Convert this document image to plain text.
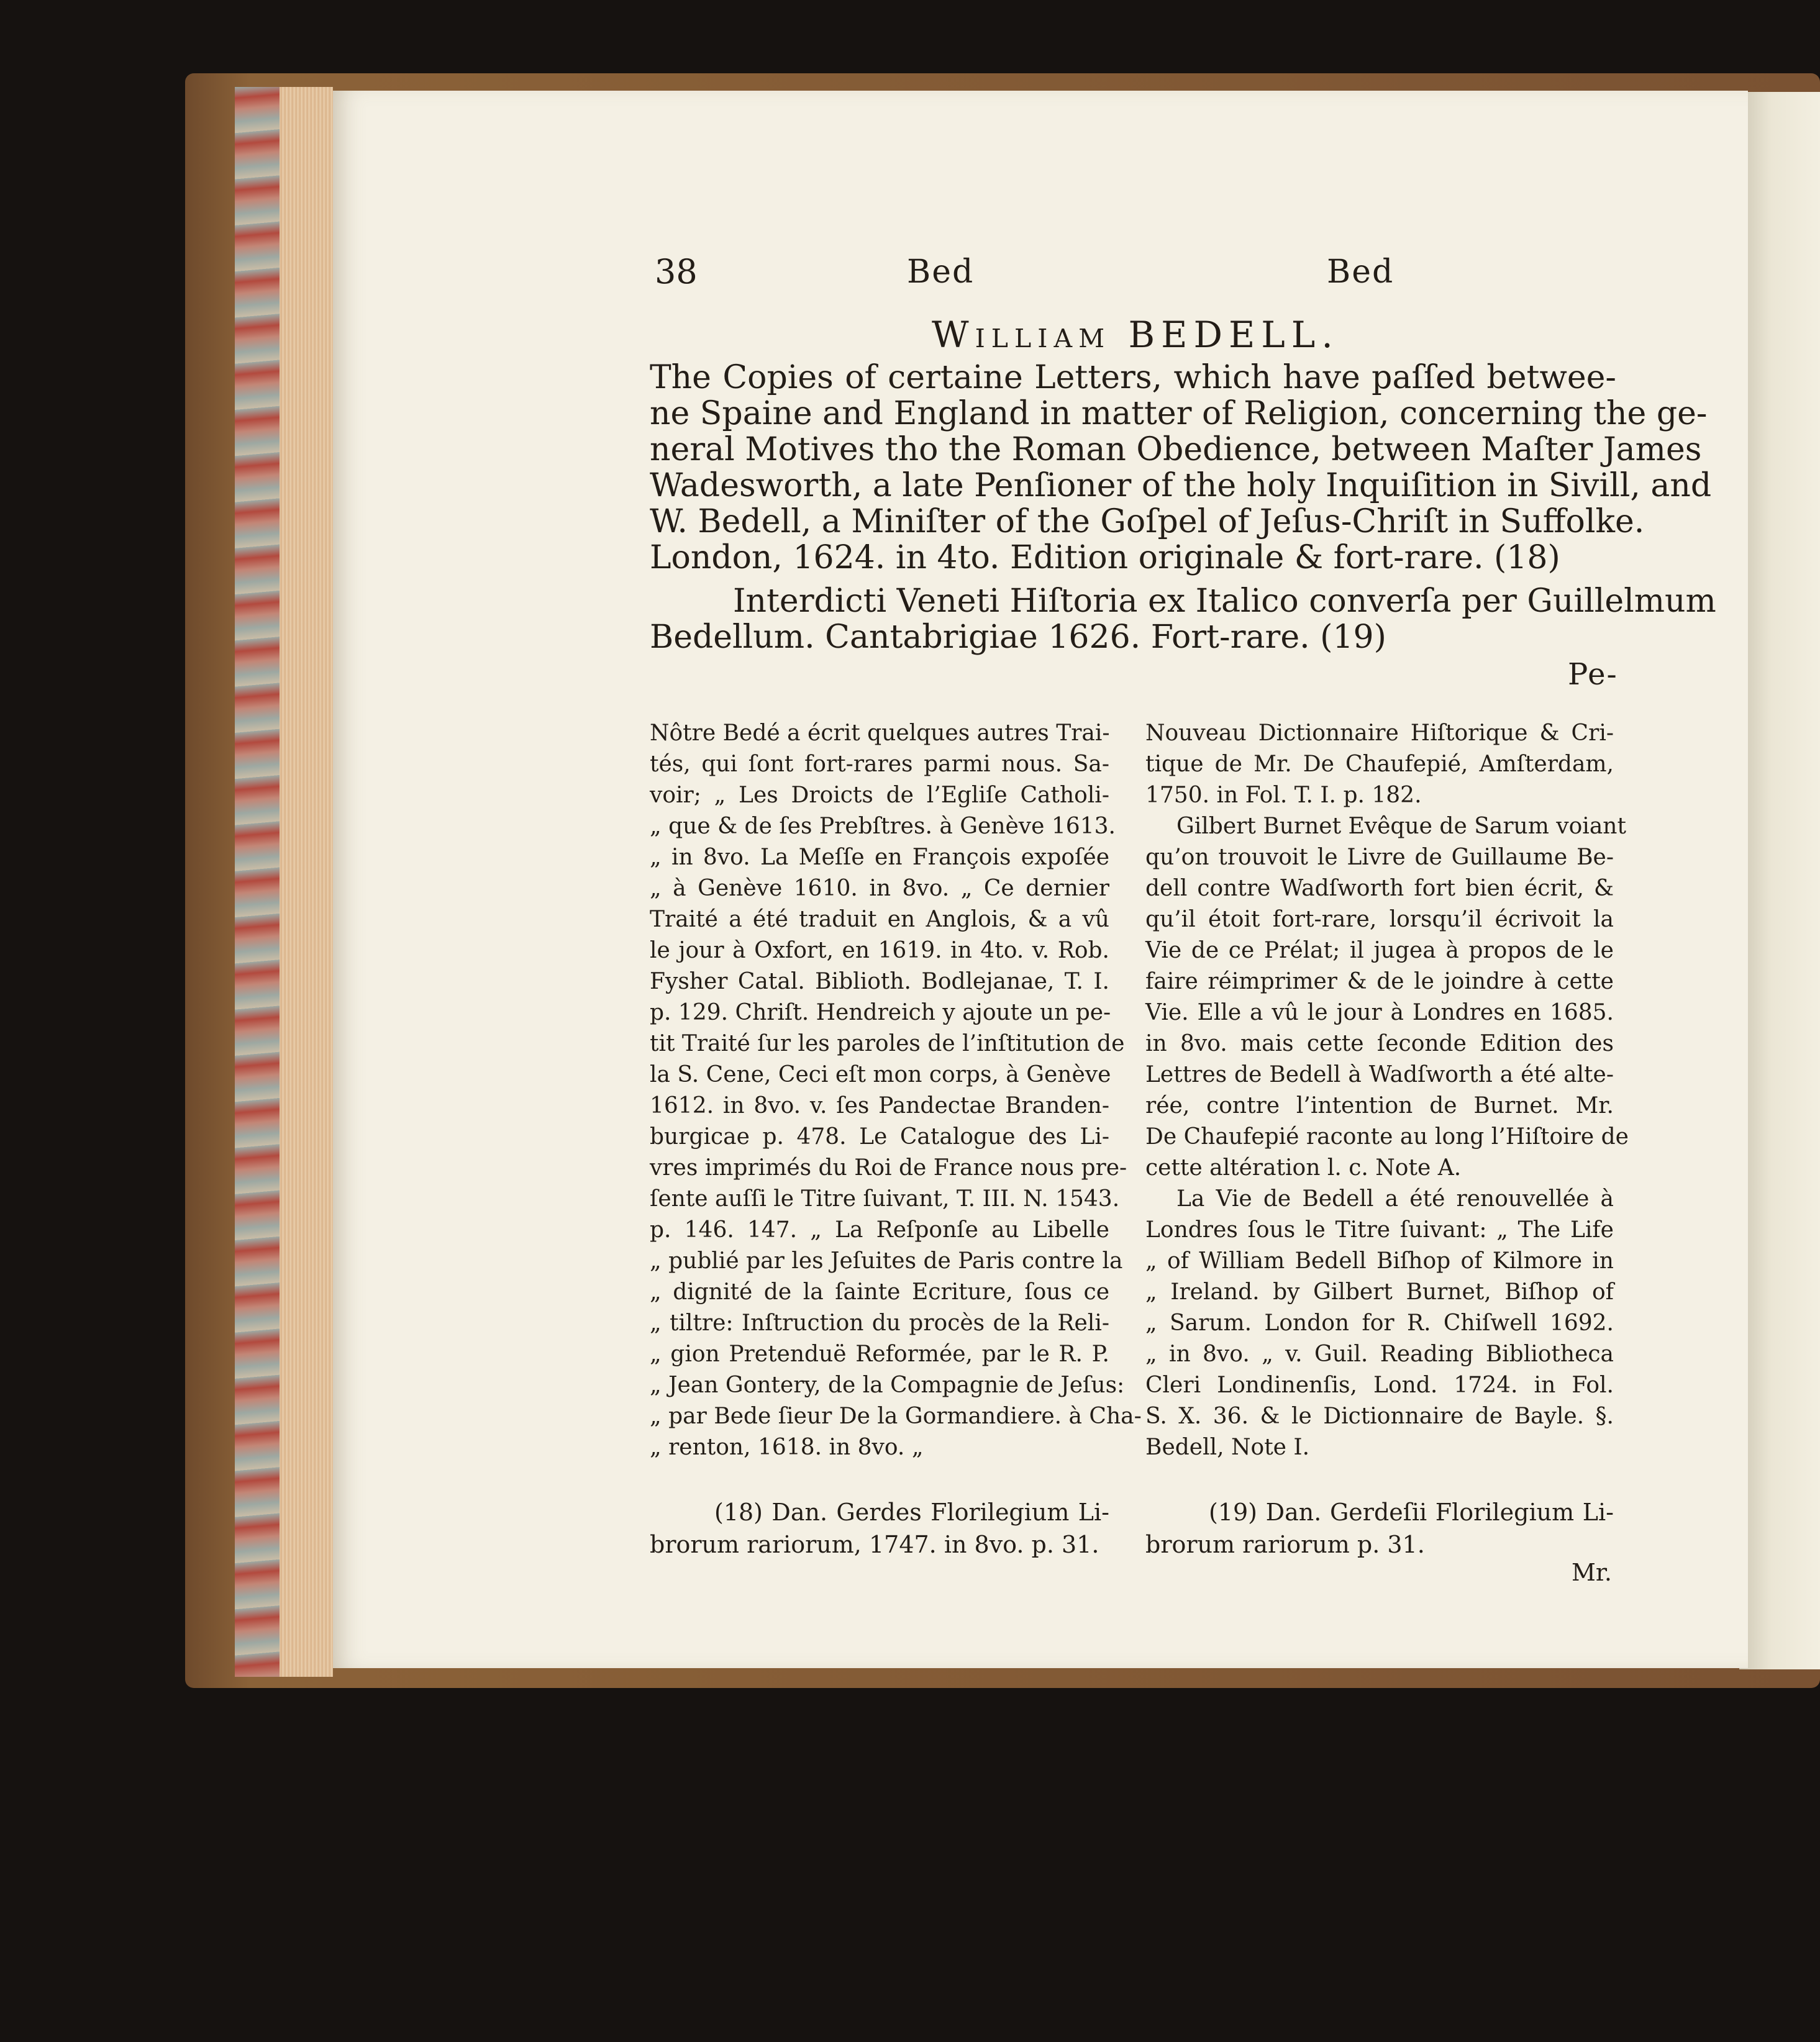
38	Bed	Bed
William BEDELL.
The Copies of certaine Letters, which have paſſed betwee-
ne Spaine and England in matter of Religion, concerning the ge-
neral Motives tho the Roman Obedience, between Maſter James
Wadesworth, a late Penſioner of the holy Inquiſition in Sivill, and
W. Bedell, a Miniſter of the Goſpel of Jeſus-Chriſt in Suffolke.
London, 1624. in 4to. Edition originale & fort-rare. (18)
Interdicti Veneti Hiſtoria ex Italico converſa per Guillelmum
Bedellum. Cantabrigiae 1626. Fort-rare. (19)
Pe-
Nôtre Bedé a écrit quelques autres Trai-
tés, qui ſont fort-rares parmi nous. Sa-
voir; „ Les Droicts de l’Egliſe Catholi-
„ que & de ſes Prebſtres. à Genève 1613.
„ in 8vo. La Meſſe en François expoſée
„ à Genève 1610. in 8vo. „ Ce dernier
Traité a été traduit en Anglois, & a vû
le jour à Oxfort, en 1619. in 4to. v. Rob.
Fysher Catal. Biblioth. Bodlejanae, T. I.
p. 129. Chriſt. Hendreich y ajoute un pe-
tit Traité ſur les paroles de l’inſtitution de
la S. Cene, Ceci eſt mon corps, à Genève
1612. in 8vo. v. ſes Pandectae Branden-
burgicae p. 478. Le Catalogue des Li-
vres imprimés du Roi de France nous pre-
ſente auſſi le Titre ſuivant, T. III. N. 1543.
p. 146. 147. „ La Reſponſe au Libelle
„ publié par les Jeſuites de Paris contre la
„ dignité de la ſainte Ecriture, ſous ce
„ tiltre: Inſtruction du procès de la Reli-
„ gion Pretenduë Reformée, par le R. P.
„ Jean Gontery, de la Compagnie de Jeſus:
„ par Bede ſieur De la Gormandiere. à Cha-
„ renton, 1618. in 8vo. „
(18) Dan. Gerdes Florilegium Li-
brorum rariorum, 1747. in 8vo. p. 31.
Nouveau Dictionnaire Hiſtorique & Cri-
tique de Mr. De Chaufepié, Amſterdam,
1750. in Fol. T. I. p. 182.
Gilbert Burnet Evêque de Sarum voiant
qu’on trouvoit le Livre de Guillaume Be-
dell contre Wadſworth fort bien écrit, &
qu’il étoit fort-rare, lorsqu’il écrivoit la
Vie de ce Prélat; il jugea à propos de le
faire réimprimer & de le joindre à cette
Vie. Elle a vû le jour à Londres en 1685.
in 8vo. mais cette ſeconde Edition des
Lettres de Bedell à Wadſworth a été alte-
rée, contre l’intention de Burnet. Mr.
De Chaufepié raconte au long l’Hiſtoire de
cette altération l. c. Note A.
La Vie de Bedell a été renouvellée à
Londres ſous le Titre ſuivant: „ The Life
„ of William Bedell Biſhop of Kilmore in
„ Ireland. by Gilbert Burnet, Biſhop of
„ Sarum. London for R. Chiſwell 1692.
„ in 8vo. „ v. Guil. Reading Bibliotheca
Cleri Londinenſis, Lond. 1724. in Fol.
S. X. 36. & le Dictionnaire de Bayle. §.
Bedell, Note I.
(19) Dan. Gerdeſii Florilegium Li-
brorum rariorum p. 31.
Mr.
